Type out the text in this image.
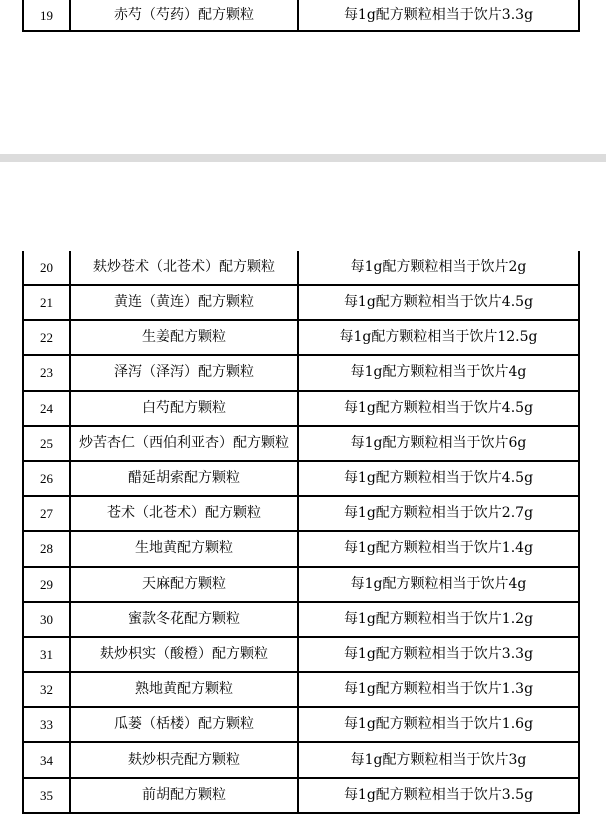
19	赤芍（芍药）配方颗粒	每1g配方颗粒相当于饮片3.3g
20	麸炒苍术（北苍术）配方颗粒	每1g配方颗粒相当于饮片2g

21	黄连（黄连）配方颗粒	每1g配方颗粒相当于饮片4.5g

22	生姜配方颗粒	每1g配方颗粒相当于饮片12.5g

23	泽泻（泽泻）配方颗粒	每1g配方颗粒相当于饮片4g

24	白芍配方颗粒	每1g配方颗粒相当于饮片4.5g

25	炒苦杏仁（西伯利亚杏）配方颗粒	每1g配方颗粒相当于饮片6g

26	醋延胡索配方颗粒	每1g配方颗粒相当于饮片4.5g

27	苍术（北苍术）配方颗粒	每1g配方颗粒相当于饮片2.7g

28	生地黄配方颗粒	每1g配方颗粒相当于饮片1.4g

29	天麻配方颗粒	每1g配方颗粒相当于饮片4g

30	蜜款冬花配方颗粒	每1g配方颗粒相当于饮片1.2g

31	麸炒枳实（酸橙）配方颗粒	每1g配方颗粒相当于饮片3.3g

32	熟地黄配方颗粒	每1g配方颗粒相当于饮片1.3g

33	瓜蒌（栝楼）配方颗粒	每1g配方颗粒相当于饮片1.6g

34	麸炒枳壳配方颗粒	每1g配方颗粒相当于饮片3g

35	前胡配方颗粒	每1g配方颗粒相当于饮片3.5g
